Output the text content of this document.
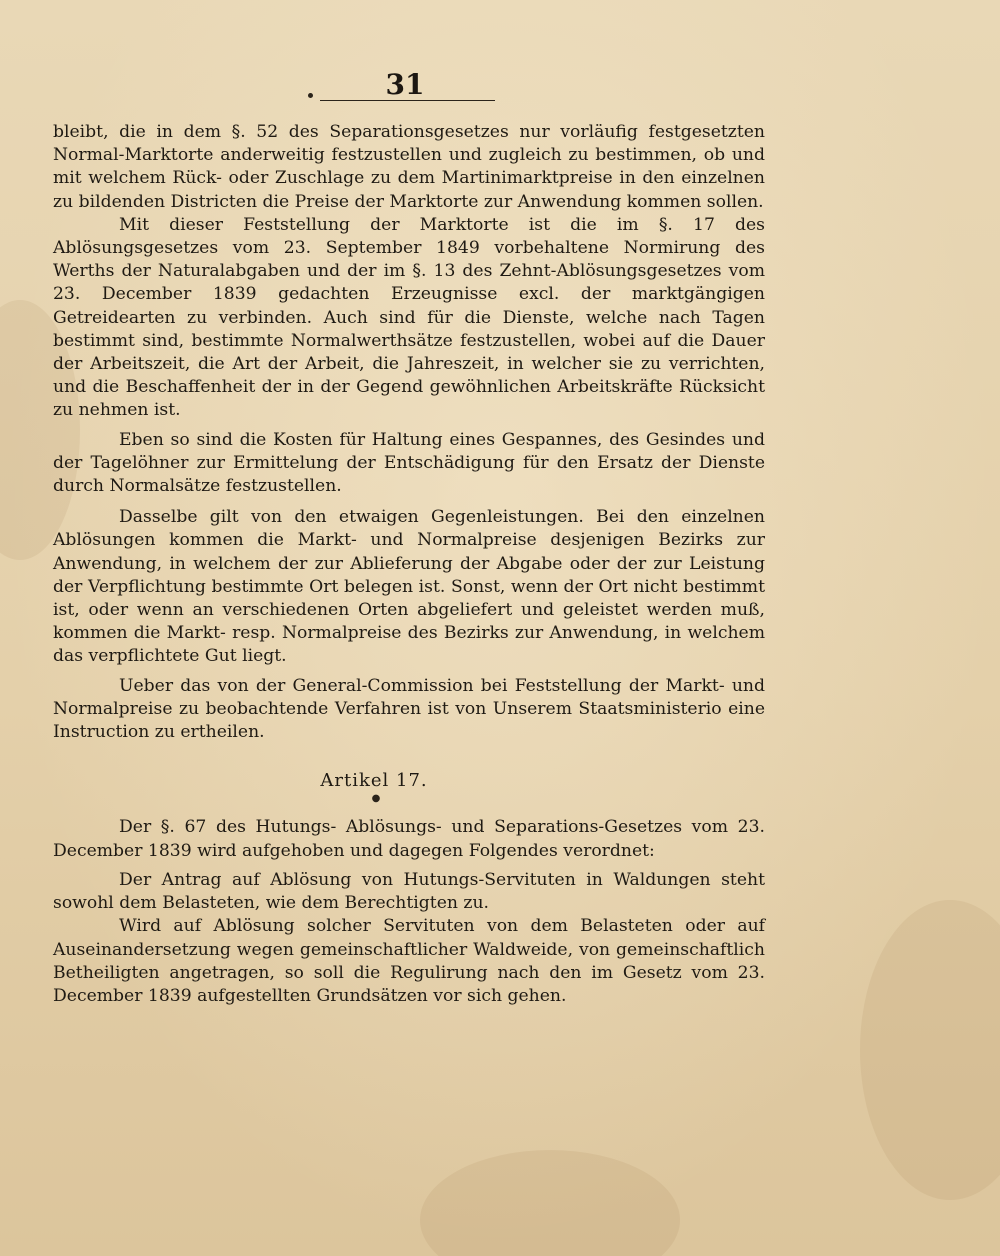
31

bleibt, die in dem §. 52 des Separationsgesetzes nur vorläufig festgesetzten Normal-Marktorte anderweitig festzustellen und zugleich zu bestimmen, ob und mit welchem Rück- oder Zuschlage zu dem Martinimarktpreise in den einzelnen zu bildenden Districten die Preise der Marktorte zur Anwendung kommen sollen.

Mit dieser Feststellung der Marktorte ist die im §. 17 des Ablösungsgesetzes vom 23. September 1849 vorbehaltene Normirung des Werths der Naturalabgaben und der im §. 13 des Zehnt-Ablösungsgesetzes vom 23. December 1839 gedachten Erzeugnisse excl. der marktgängigen Getreidearten zu verbinden. Auch sind für die Dienste, welche nach Tagen bestimmt sind, bestimmte Normalwerthsätze festzustellen, wobei auf die Dauer der Arbeitszeit, die Art der Arbeit, die Jahreszeit, in welcher sie zu verrichten, und die Beschaffenheit der in der Gegend gewöhnlichen Arbeitskräfte Rücksicht zu nehmen ist.

Eben so sind die Kosten für Haltung eines Gespannes, des Gesindes und der Tagelöhner zur Ermittelung der Entschädigung für den Ersatz der Dienste durch Normalsätze festzustellen.

Dasselbe gilt von den etwaigen Gegenleistungen. Bei den einzelnen Ablösungen kommen die Markt- und Normalpreise desjenigen Bezirks zur Anwendung, in welchem der zur Ablieferung der Abgabe oder der zur Leistung der Verpflichtung bestimmte Ort belegen ist. Sonst, wenn der Ort nicht bestimmt ist, oder wenn an verschiedenen Orten abgeliefert und geleistet werden muß, kommen die Markt- resp. Normalpreise des Bezirks zur Anwendung, in welchem das verpflichtete Gut liegt.

Ueber das von der General-Commission bei Feststellung der Markt- und Normalpreise zu beobachtende Verfahren ist von Unserem Staatsministerio eine Instruction zu ertheilen.

Artikel 17.

●

Der §. 67 des Hutungs- Ablösungs- und Separations-Gesetzes vom 23. December 1839 wird aufgehoben und dagegen Folgendes verordnet:

Der Antrag auf Ablösung von Hutungs-Servituten in Waldungen steht sowohl dem Belasteten, wie dem Berechtigten zu.

Wird auf Ablösung solcher Servituten von dem Belasteten oder auf Auseinandersetzung wegen gemeinschaftlicher Waldweide, von gemeinschaftlich Betheiligten angetragen, so soll die Regulirung nach den im Gesetz vom 23. December 1839 aufgestellten Grundsätzen vor sich gehen.
